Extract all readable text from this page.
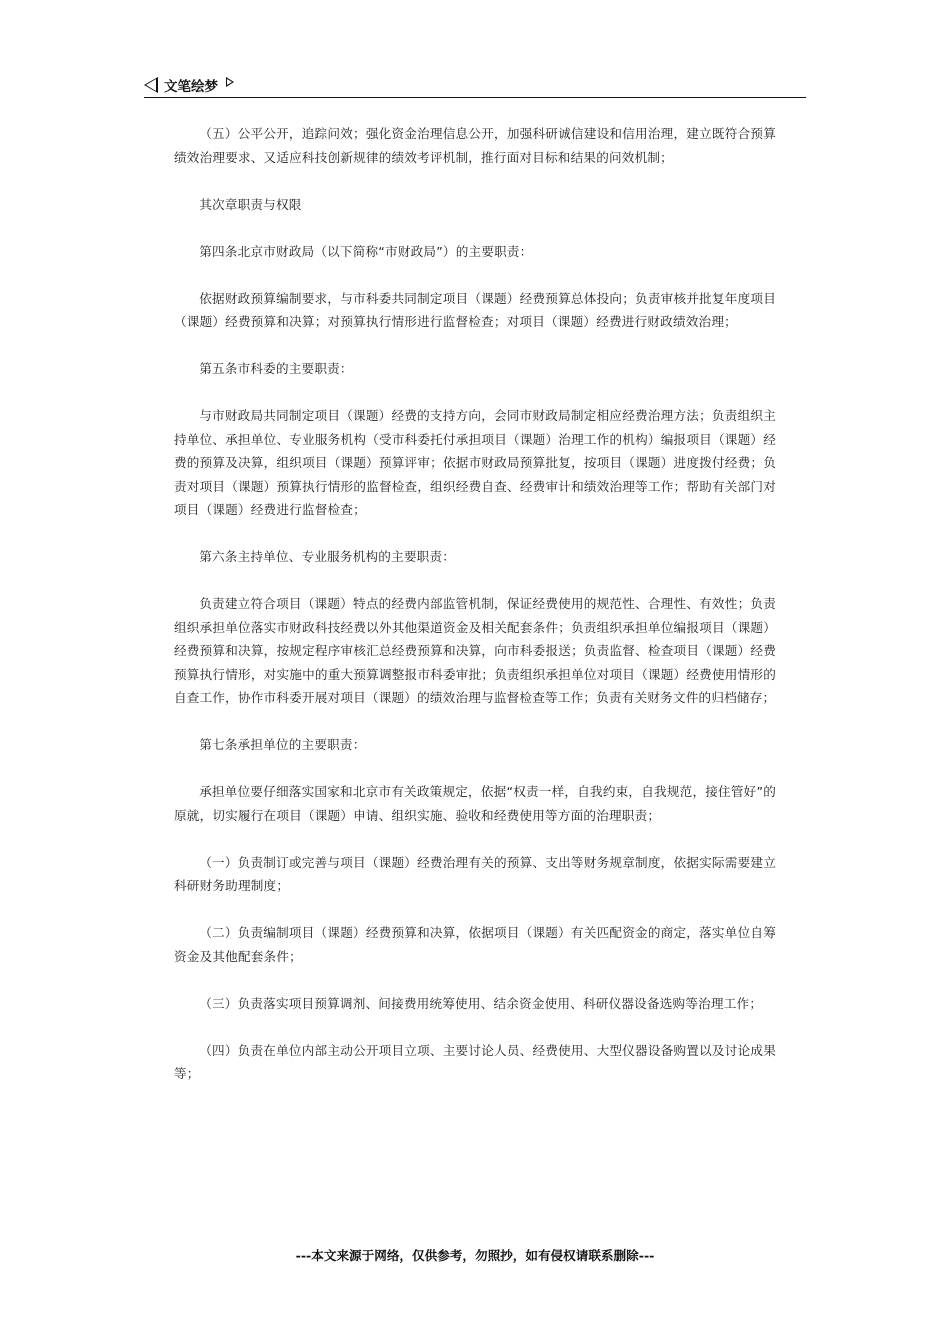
文笔绘梦

（五）公平公开，追踪问效；强化资金治理信息公开，加强科研诚信建设和信用治理，建立既符合预算绩效治理要求、又适应科技创新规律的绩效考评机制，推行面对目标和结果的问效机制；

其次章职责与权限

第四条北京市财政局（以下简称“市财政局”）的主要职责：

依据财政预算编制要求，与市科委共同制定项目（课题）经费预算总体投向；负责审核并批复年度项目（课题）经费预算和决算；对预算执行情形进行监督检查；对项目（课题）经费进行财政绩效治理；

第五条市科委的主要职责：

与市财政局共同制定项目（课题）经费的支持方向，会同市财政局制定相应经费治理方法；负责组织主持单位、承担单位、专业服务机构（受市科委托付承担项目（课题）治理工作的机构）编报项目（课题）经费的预算及决算，组织项目（课题）预算评审；依据市财政局预算批复，按项目（课题）进度拨付经费；负责对项目（课题）预算执行情形的监督检查，组织经费自查、经费审计和绩效治理等工作；帮助有关部门对项目（课题）经费进行监督检查；

第六条主持单位、专业服务机构的主要职责：

负责建立符合项目（课题）特点的经费内部监管机制，保证经费使用的规范性、合理性、有效性；负责组织承担单位落实市财政科技经费以外其他渠道资金及相关配套条件；负责组织承担单位编报项目（课题）经费预算和决算，按规定程序审核汇总经费预算和决算，向市科委报送；负责监督、检查项目（课题）经费预算执行情形，对实施中的重大预算调整报市科委审批；负责组织承担单位对项目（课题）经费使用情形的自查工作，协作市科委开展对项目（课题）的绩效治理与监督检查等工作；负责有关财务文件的归档储存；

第七条承担单位的主要职责：

承担单位要仔细落实国家和北京市有关政策规定，依据“权责一样，自我约束，自我规范，接住管好”的原就，切实履行在项目（课题）申请、组织实施、验收和经费使用等方面的治理职责；

（一）负责制订或完善与项目（课题）经费治理有关的预算、支出等财务规章制度，依据实际需要建立科研财务助理制度；

（二）负责编制项目（课题）经费预算和决算，依据项目（课题）有关匹配资金的商定，落实单位自筹资金及其他配套条件；

（三）负责落实项目预算调剂、间接费用统筹使用、结余资金使用、科研仪器设备选购等治理工作；

（四）负责在单位内部主动公开项目立项、主要讨论人员、经费使用、大型仪器设备购置以及讨论成果等；

---本文来源于网络，仅供参考，勿照抄，如有侵权请联系删除---
